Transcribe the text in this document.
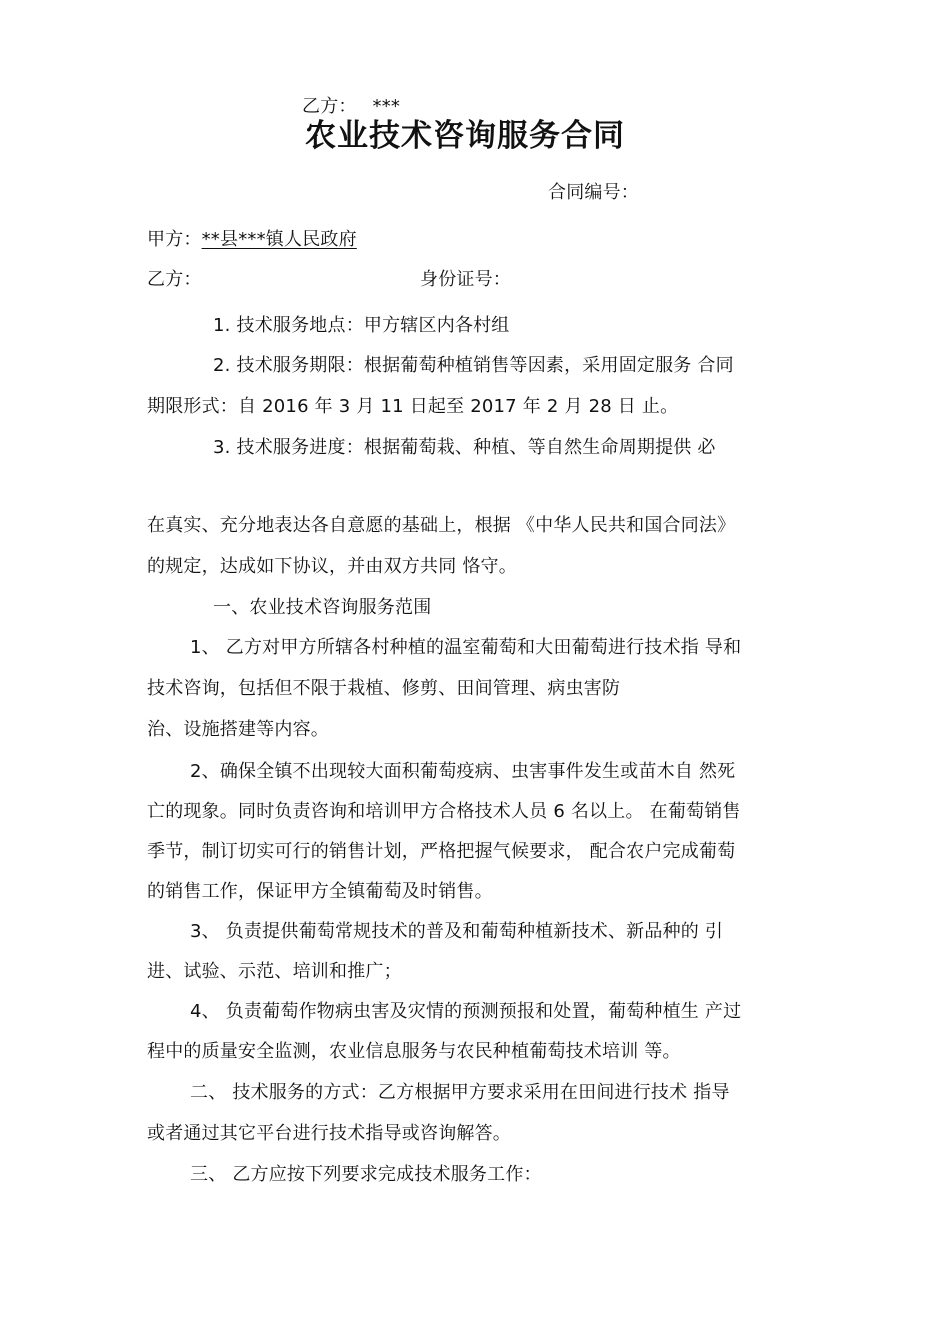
乙方： ***
农业技术咨询服务合同
合同编号：
甲方：**县***镇人民政府
乙方：	身份证号：
1. 技术服务地点：甲方辖区内各村组
2. 技术服务期限：根据葡萄种植销售等因素，采用固定服务 合同
期限形式：自 2016 年 3 月 11 日起至 2017 年 2 月 28 日 止。
3. 技术服务进度：根据葡萄栽、种植、等自然生命周期提供 必
在真实、充分地表达各自意愿的基础上，根据 《中华人民共和国合同法》
的规定，达成如下协议，并由双方共同 恪守。
一、农业技术咨询服务范围
1、 乙方对甲方所辖各村种植的温室葡萄和大田葡萄进行技术指 导和
技术咨询，包括但不限于栽植、修剪、田间管理、病虫害防
治、设施搭建等内容。
2、确保全镇不出现较大面积葡萄疫病、虫害事件发生或苗木自 然死
亡的现象。同时负责咨询和培训甲方合格技术人员 6 名以上。 在葡萄销售
季节，制订切实可行的销售计划，严格把握气候要求， 配合农户完成葡萄
的销售工作，保证甲方全镇葡萄及时销售。
3、 负责提供葡萄常规技术的普及和葡萄种植新技术、新品种的 引
进、试验、示范、培训和推广；
4、 负责葡萄作物病虫害及灾情的预测预报和处置，葡萄种植生 产过
程中的质量安全监测，农业信息服务与农民种植葡萄技术培训 等。
二、 技术服务的方式：乙方根据甲方要求采用在田间进行技术 指导
或者通过其它平台进行技术指导或咨询解答。
三、 乙方应按下列要求完成技术服务工作：
